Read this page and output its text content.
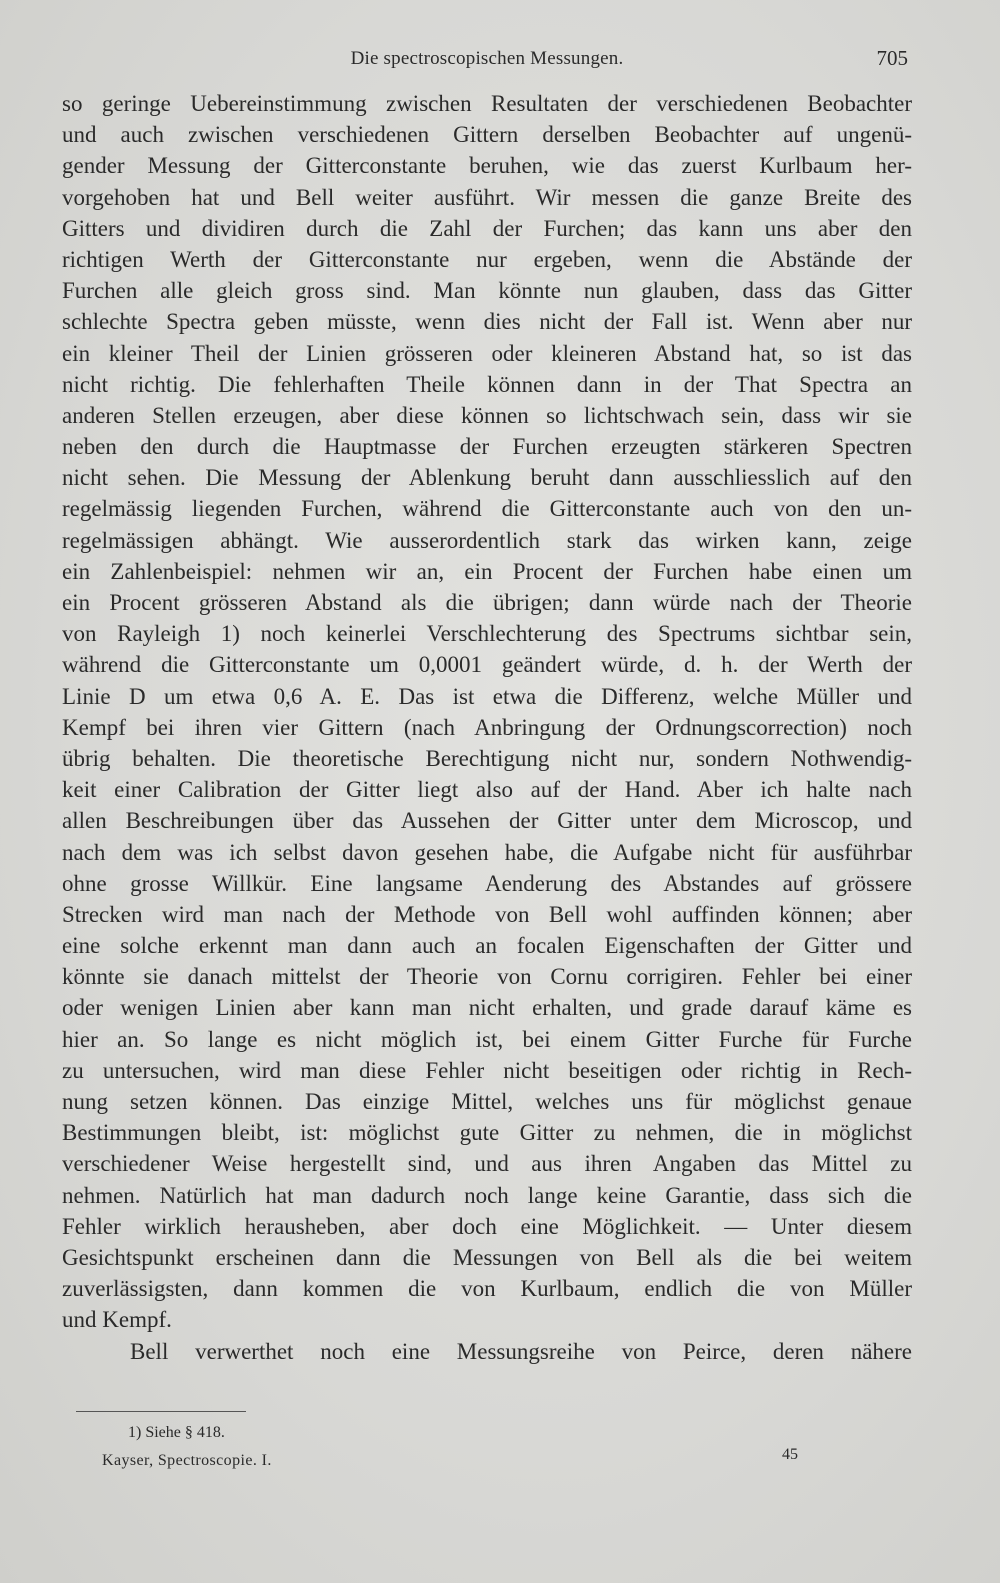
Die spectroscopischen Messungen.	705
so geringe Uebereinstimmung zwischen Resultaten der verschiedenen Beobachter
und auch zwischen verschiedenen Gittern derselben Beobachter auf ungenü-
gender Messung der Gitterconstante beruhen, wie das zuerst Kurlbaum her-
vorgehoben hat und Bell weiter ausführt. Wir messen die ganze Breite des
Gitters und dividiren durch die Zahl der Furchen; das kann uns aber den
richtigen Werth der Gitterconstante nur ergeben, wenn die Abstände der
Furchen alle gleich gross sind. Man könnte nun glauben, dass das Gitter
schlechte Spectra geben müsste, wenn dies nicht der Fall ist. Wenn aber nur
ein kleiner Theil der Linien grösseren oder kleineren Abstand hat, so ist das
nicht richtig. Die fehlerhaften Theile können dann in der That Spectra an
anderen Stellen erzeugen, aber diese können so lichtschwach sein, dass wir sie
neben den durch die Hauptmasse der Furchen erzeugten stärkeren Spectren
nicht sehen. Die Messung der Ablenkung beruht dann ausschliesslich auf den
regelmässig liegenden Furchen, während die Gitterconstante auch von den un-
regelmässigen abhängt. Wie ausserordentlich stark das wirken kann, zeige
ein Zahlenbeispiel: nehmen wir an, ein Procent der Furchen habe einen um
ein Procent grösseren Abstand als die übrigen; dann würde nach der Theorie
von Rayleigh 1) noch keinerlei Verschlechterung des Spectrums sichtbar sein,
während die Gitterconstante um 0,0001 geändert würde, d. h. der Werth der
Linie D um etwa 0,6 A. E. Das ist etwa die Differenz, welche Müller und
Kempf bei ihren vier Gittern (nach Anbringung der Ordnungscorrection) noch
übrig behalten. Die theoretische Berechtigung nicht nur, sondern Nothwendig-
keit einer Calibration der Gitter liegt also auf der Hand. Aber ich halte nach
allen Beschreibungen über das Aussehen der Gitter unter dem Microscop, und
nach dem was ich selbst davon gesehen habe, die Aufgabe nicht für ausführbar
ohne grosse Willkür. Eine langsame Aenderung des Abstandes auf grössere
Strecken wird man nach der Methode von Bell wohl auffinden können; aber
eine solche erkennt man dann auch an focalen Eigenschaften der Gitter und
könnte sie danach mittelst der Theorie von Cornu corrigiren. Fehler bei einer
oder wenigen Linien aber kann man nicht erhalten, und grade darauf käme es
hier an. So lange es nicht möglich ist, bei einem Gitter Furche für Furche
zu untersuchen, wird man diese Fehler nicht beseitigen oder richtig in Rech-
nung setzen können. Das einzige Mittel, welches uns für möglichst genaue
Bestimmungen bleibt, ist: möglichst gute Gitter zu nehmen, die in möglichst
verschiedener Weise hergestellt sind, und aus ihren Angaben das Mittel zu
nehmen. Natürlich hat man dadurch noch lange keine Garantie, dass sich die
Fehler wirklich herausheben, aber doch eine Möglichkeit. — Unter diesem
Gesichtspunkt erscheinen dann die Messungen von Bell als die bei weitem
zuverlässigsten, dann kommen die von Kurlbaum, endlich die von Müller
und Kempf.
Bell verwerthet noch eine Messungsreihe von Peirce, deren nähere
1) Siehe § 418.
Kayser, Spectroscopie. I.	45
